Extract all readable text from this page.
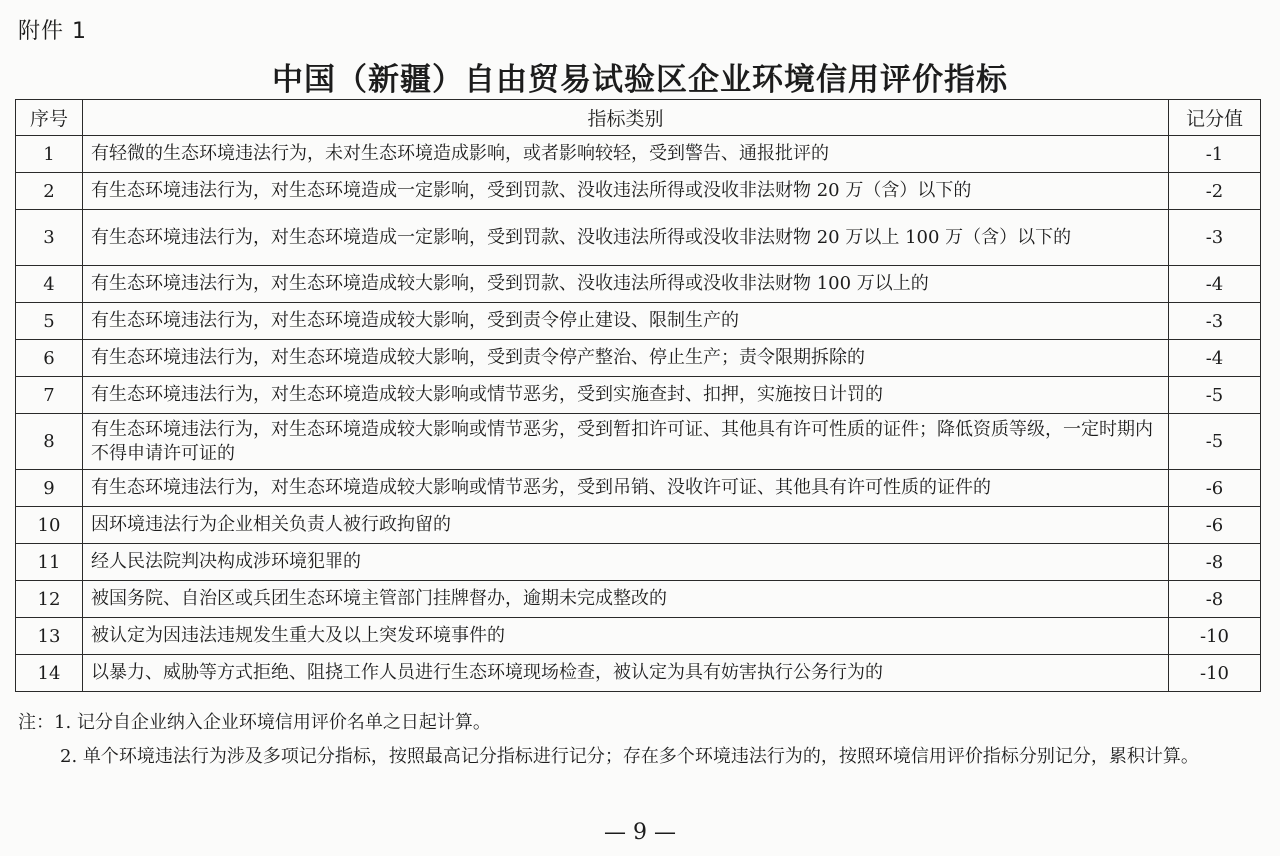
附件 1
中国（新疆）自由贸易试验区企业环境信用评价指标
序号	指标类别	记分值
1	有轻微的生态环境违法行为，未对生态环境造成影响，或者影响较轻，受到警告、通报批评的	-1
2	有生态环境违法行为，对生态环境造成一定影响，受到罚款、没收违法所得或没收非法财物 20 万（含）以下的	-2
3	有生态环境违法行为，对生态环境造成一定影响，受到罚款、没收违法所得或没收非法财物 20 万以上 100 万（含）以下的	-3
4	有生态环境违法行为，对生态环境造成较大影响，受到罚款、没收违法所得或没收非法财物 100 万以上的	-4
5	有生态环境违法行为，对生态环境造成较大影响，受到责令停止建设、限制生产的	-3
6	有生态环境违法行为，对生态环境造成较大影响，受到责令停产整治、停止生产；责令限期拆除的	-4
7	有生态环境违法行为，对生态环境造成较大影响或情节恶劣，受到实施查封、扣押，实施按日计罚的	-5
8	有生态环境违法行为，对生态环境造成较大影响或情节恶劣，受到暂扣许可证、其他具有许可性质的证件；降低资质等级，一定时期内不得申请许可证的	-5
9	有生态环境违法行为，对生态环境造成较大影响或情节恶劣，受到吊销、没收许可证、其他具有许可性质的证件的	-6
10	因环境违法行为企业相关负责人被行政拘留的	-6
11	经人民法院判决构成涉环境犯罪的	-8
12	被国务院、自治区或兵团生态环境主管部门挂牌督办，逾期未完成整改的	-8
13	被认定为因违法违规发生重大及以上突发环境事件的	-10
14	以暴力、威胁等方式拒绝、阻挠工作人员进行生态环境现场检查，被认定为具有妨害执行公务行为的	-10
注：1. 记分自企业纳入企业环境信用评价名单之日起计算。
2. 单个环境违法行为涉及多项记分指标，按照最高记分指标进行记分；存在多个环境违法行为的，按照环境信用评价指标分别记分，累积计算。
— 9 —
